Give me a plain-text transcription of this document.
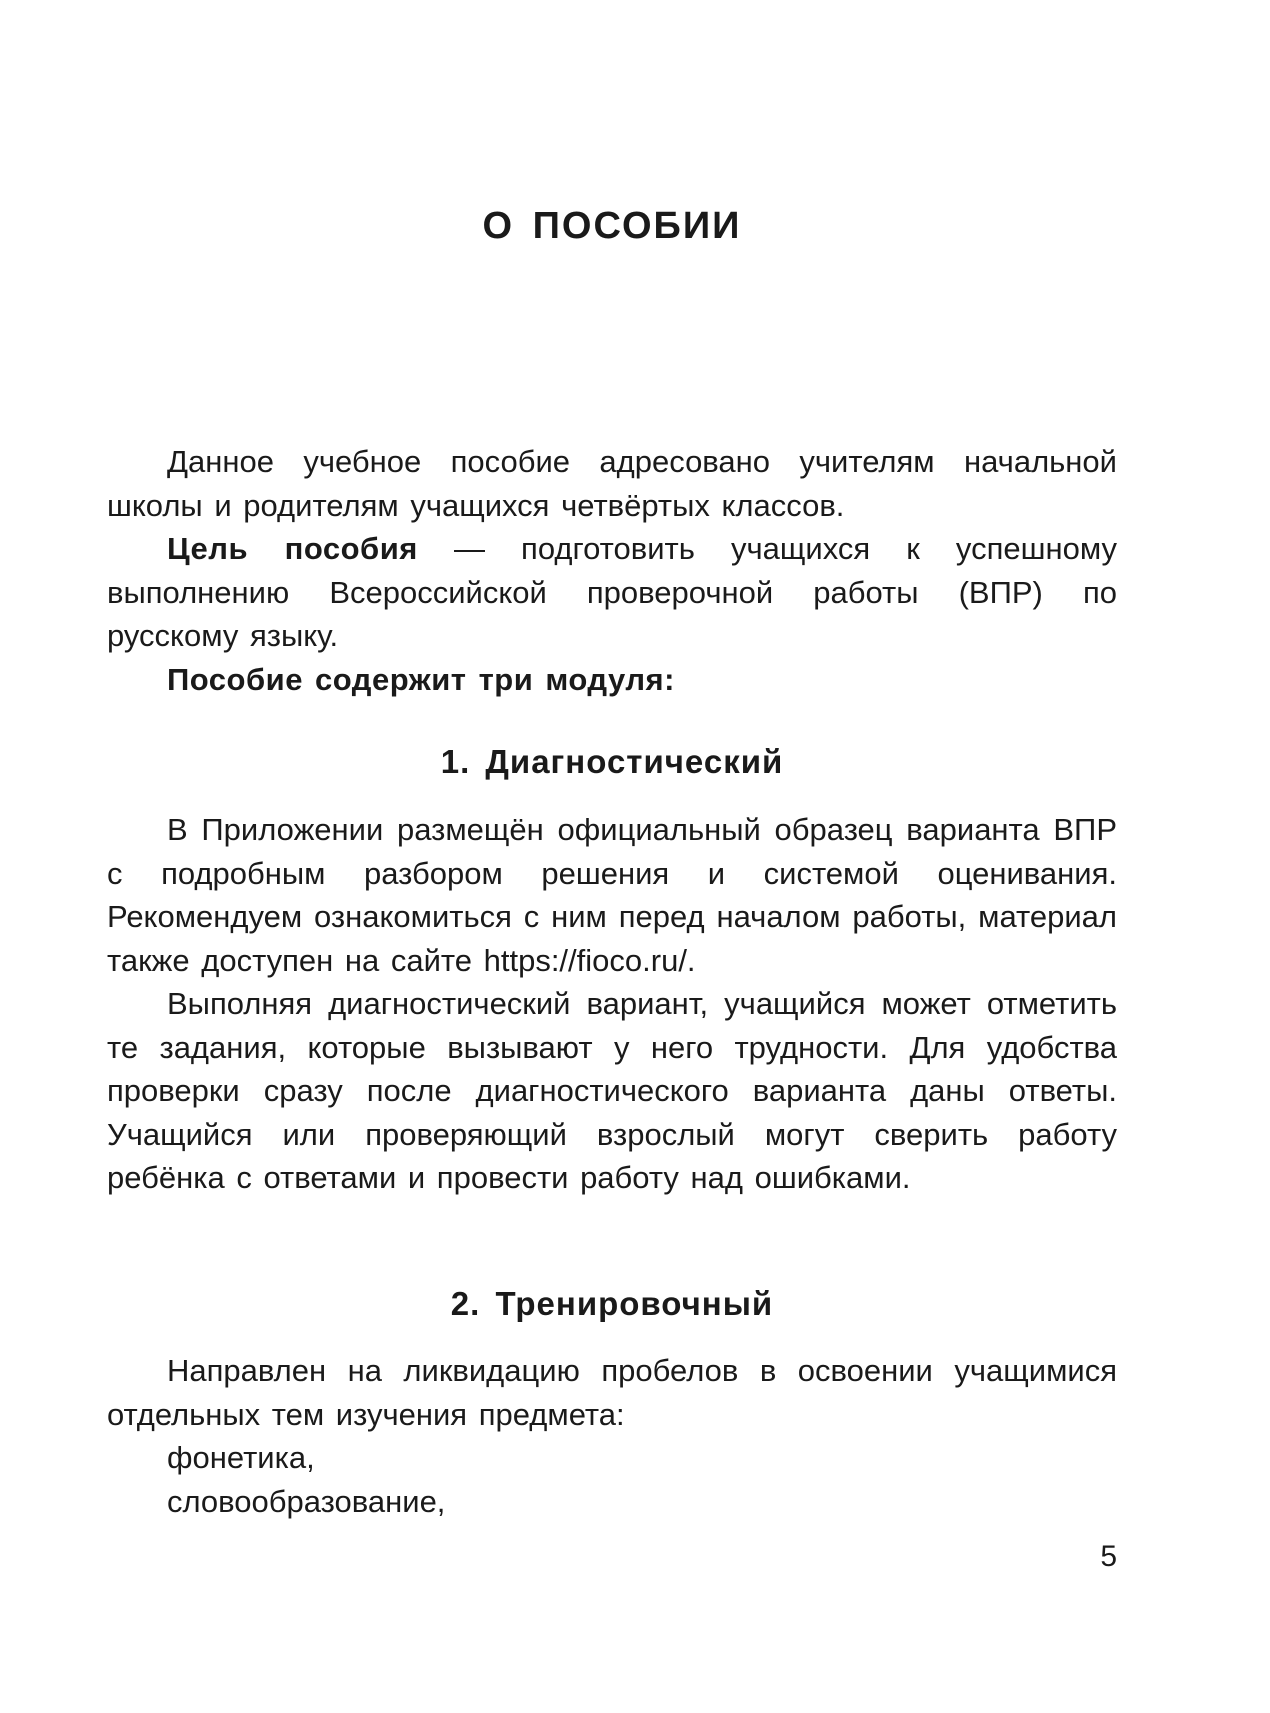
О ПОСОБИИ

Данное учебное пособие адресовано учителям начальной школы и родителям учащихся четвёртых классов.

Цель пособия — подготовить учащихся к успешному выполнению Всероссийской проверочной работы (ВПР) по русскому языку.

Пособие содержит три модуля:

1. Диагностический

В Приложении размещён официальный образец варианта ВПР с подробным разбором решения и системой оценивания. Рекомендуем ознакомиться с ним перед началом работы, материал также доступен на сайте https://fioco.ru/.

Выполняя диагностический вариант, учащийся может отметить те задания, которые вызывают у него трудности. Для удобства проверки сразу после диагностического варианта даны ответы. Учащийся или проверяющий взрослый могут сверить работу ребёнка с ответами и провести работу над ошибками.

2. Тренировочный

Направлен на ликвидацию пробелов в освоении учащимися отдельных тем изучения предмета:

фонетика,
словообразование,
5
